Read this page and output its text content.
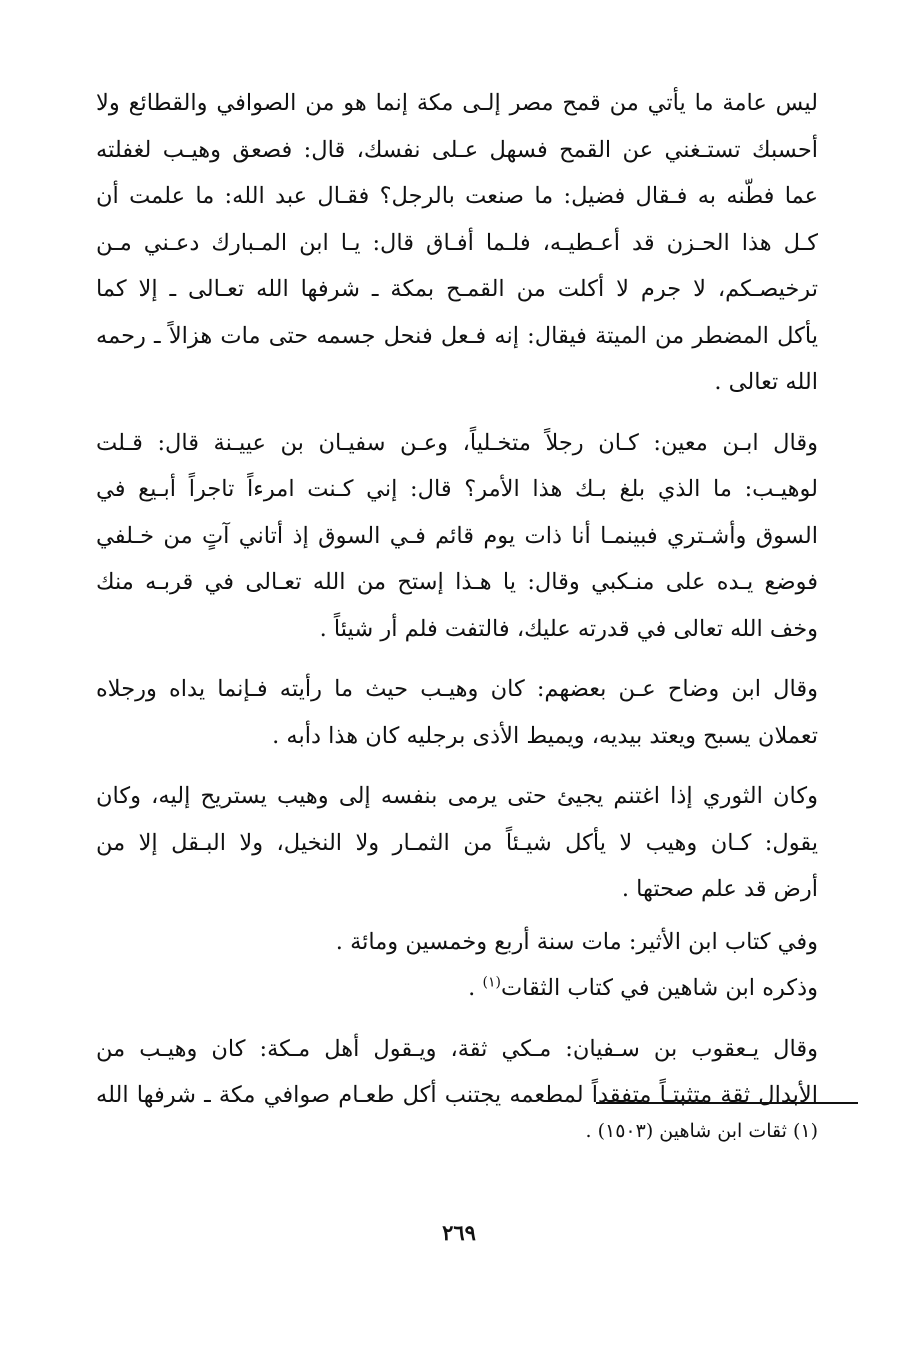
ليس عامة ما يأتي من قمح مصر إلـى مكة إنما هو من الصوافي والقطائع ولا
أحسبك تستـغني عن القمح فسهل عـلى نفسك، قال: فصعق وهيـب لغفلته
عما فطّنه به فـقال فضيل: ما صنعت بالرجل؟ فقـال عبد الله: ما علمت أن
كـل هذا الحـزن قد أعـطيـه، فلـما أفـاق قال: يـا ابن المـبارك دعـني مـن
ترخيصـكم، لا جرم لا أكلت من القمـح بمكة ـ شرفها الله تعـالى ـ إلا كما
يأكل المضطر من الميتة فيقال: إنه فـعل فنحل جسمه حتى مات هزالاً ـ رحمه
الله تعالى .

وقال ابـن معين: كـان رجلاً متخـلياً، وعـن سفيـان بن عييـنة قال: قـلت
لوهيـب: ما الذي بلغ بـك هذا الأمر؟ قال: إني كـنت امرءاً تاجراً أبـيع في
السوق وأشـتري فبينمـا أنا ذات يوم قائم فـي السوق إذ أتاني آتٍ من خـلفي
فوضع يـده على منـكبي وقال: يا هـذا إستح من الله تعـالى في قربـه منك
وخف الله تعالى في قدرته عليك، فالتفت فلم أر شيئاً .

وقال ابن وضاح عـن بعضهم: كان وهيـب حيث ما رأيته فـإنما يداه ورجلاه
تعملان يسبح ويعتد بيديه، ويميط الأذى برجليه كان هذا دأبه .

وكان الثوري إذا اغتنم يجيئ حتى يرمى بنفسه إلى وهيب يستريح إليه، وكان
يقول: كـان وهيب لا يأكل شيـئاً من الثمـار ولا النخيل، ولا البـقل إلا من
أرض قد علم صحتها .

وفي كتاب ابن الأثير: مات سنة أربع وخمسين ومائة .

وذكره ابن شاهين في كتاب الثقات$^{(١)}$ .

وقال يـعقوب بن سـفيان: مـكي ثقة، ويـقول أهل مـكة: كان وهيـب من
الأبدال ثقة متثبتـاً متفقداً لمطعمه يجتنب أكل طعـام صوافي مكة ـ شرفها الله

(١) ثقات ابن شاهين (١٥٠٣) .
٢٦٩
